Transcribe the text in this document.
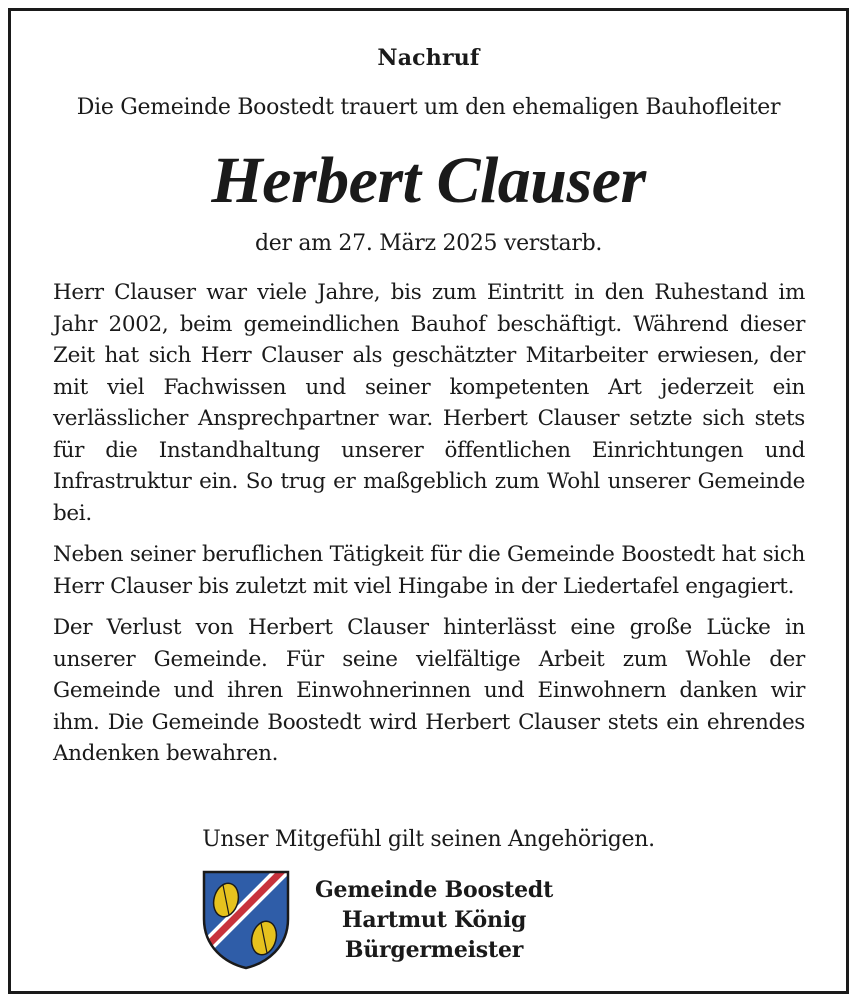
Nachruf
Die Gemeinde Boostedt trauert um den ehemaligen Bauhofleiter
Herbert Clauser
der am 27. März 2025 verstarb.

Herr Clauser war viele Jahre, bis zum Eintritt in den Ruhestand im Jahr 2002, beim gemeindlichen Bauhof beschäftigt. Während dieser Zeit hat sich Herr Clauser als geschätzter Mitarbeiter erwiesen, der mit viel Fachwissen und seiner kompetenten Art jederzeit ein verlässlicher Ansprechpartner war. Herbert Clauser setzte sich stets für die Instandhaltung unserer öffentlichen Einrichtungen und Infrastruktur ein. So trug er maßgeblich zum Wohl unserer Gemeinde bei.

Neben seiner beruflichen Tätigkeit für die Gemeinde Boostedt hat sich Herr Clauser bis zuletzt mit viel Hingabe in der Liedertafel engagiert.

Der Verlust von Herbert Clauser hinterlässt eine große Lücke in unserer Gemeinde. Für seine vielfältige Arbeit zum Wohle der Gemeinde und ihren Einwohnerinnen und Einwohnern danken wir ihm. Die Gemeinde Boostedt wird Herbert Clauser stets ein ehrendes Andenken bewahren.

Unser Mitgefühl gilt seinen Angehörigen.
Gemeinde Boostedt
Hartmut König
Bürgermeister
